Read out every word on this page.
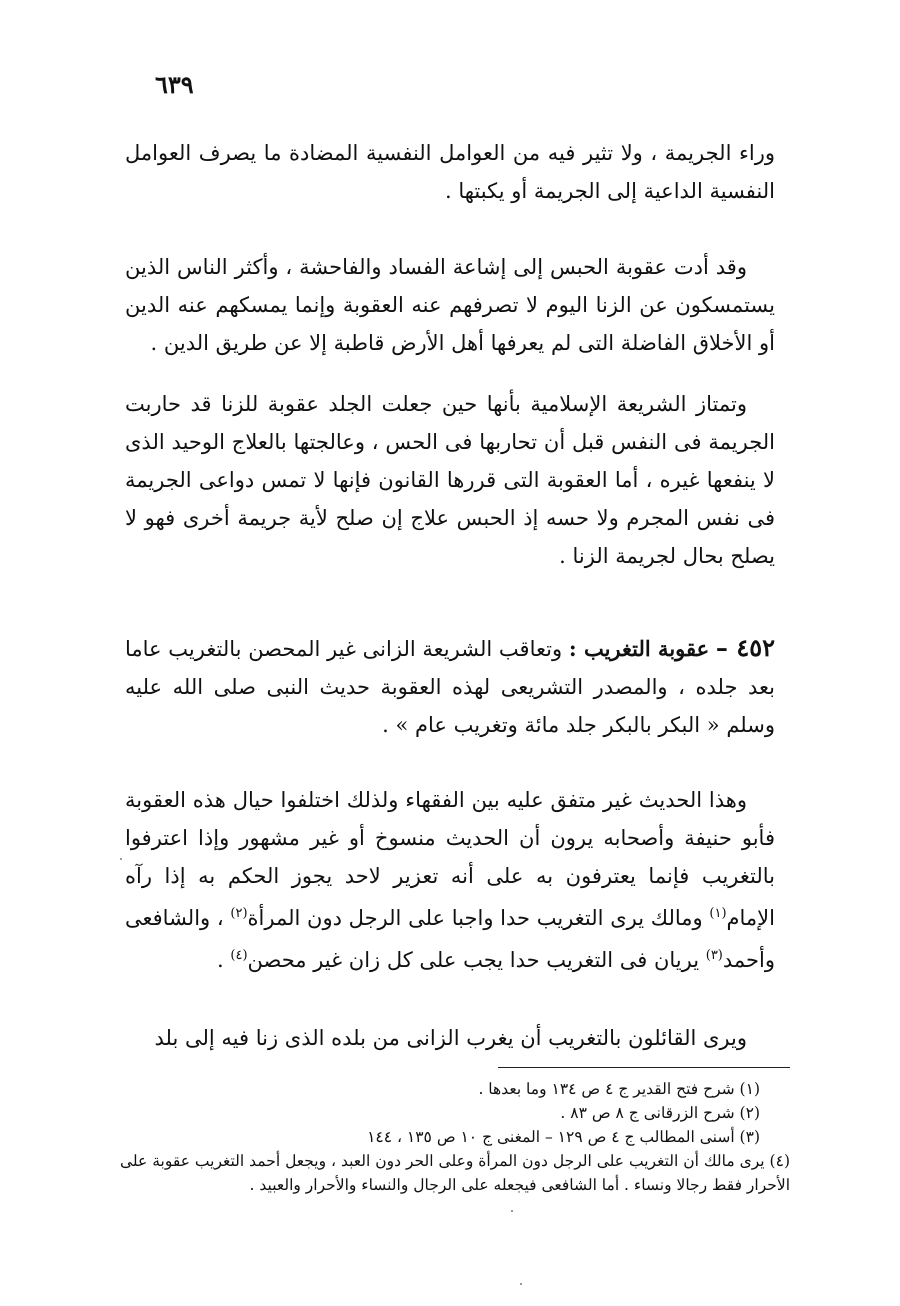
٦٣٩

وراء الجريمة ، ولا تثير فيه من العوامل النفسية المضادة ما يصرف العوامل النفسية الداعية إلى الجريمة أو يكبتها .

وقد أدت عقوبة الحبس إلى إشاعة الفساد والفاحشة ، وأكثر الناس الذين يستمسكون عن الزنا اليوم لا تصرفهم عنه العقوبة وإنما يمسكهم عنه الدين أو الأخلاق الفاضلة التى لم يعرفها أهل الأرض قاطبة إلا عن طريق الدين .

وتمتاز الشريعة الإسلامية بأنها حين جعلت الجلد عقوبة للزنا قد حاربت الجريمة فى النفس قبل أن تحاربها فى الحس ، وعالجتها بالعلاج الوحيد الذى لا ينفعها غيره ، أما العقوبة التى قررها القانون فإنها لا تمس دواعى الجريمة فى نفس المجرم ولا حسه إذ الحبس علاج إن صلح لأية جريمة أخرى فهو لا يصلح بحال لجريمة الزنا .

٤٥٢ – عقوبة التغريب : وتعاقب الشريعة الزانى غير المحصن بالتغريب عاما بعد جلده ، والمصدر التشريعى لهذه العقوبة حديث النبى صلى الله عليه وسلم « البكر بالبكر جلد مائة وتغريب عام » .

وهذا الحديث غير متفق عليه بين الفقهاء ولذلك اختلفوا حيال هذه العقوبة فأبو حنيفة وأصحابه يرون أن الحديث منسوخ أو غير مشهور وإذا اعترفوا بالتغريب فإنما يعترفون به على أنه تعزير لاحد يجوز الحكم به إذا رآه الإمام$^{(١)}$ ومالك يرى التغريب حدا واجبا على الرجل دون المرأة$^{(٢)}$ ، والشافعى وأحمد$^{(٣)}$ يريان فى التغريب حدا يجب على كل زان غير محصن$^{(٤)}$ .

ويرى القائلون بالتغريب أن يغرب الزانى من بلده الذى زنا فيه إلى بلد

(١) شرح فتح القدير ج ٤ ص ١٣٤ وما بعدها .

(٢) شرح الزرقانى ج ٨ ص ٨٣ .

(٣) أسنى المطالب ج ٤ ص ١٢٩ – المغنى ج ١٠ ص ١٣٥ ، ١٤٤

(٤) يرى مالك أن التغريب على الرجل دون المرأة وعلى الحر دون العبد ، ويجعل أحمد التغريب عقوبة على الأحرار فقط رجالا ونساء . أما الشافعى فيجعله على الرجال والنساء والأحرار والعبيد .
